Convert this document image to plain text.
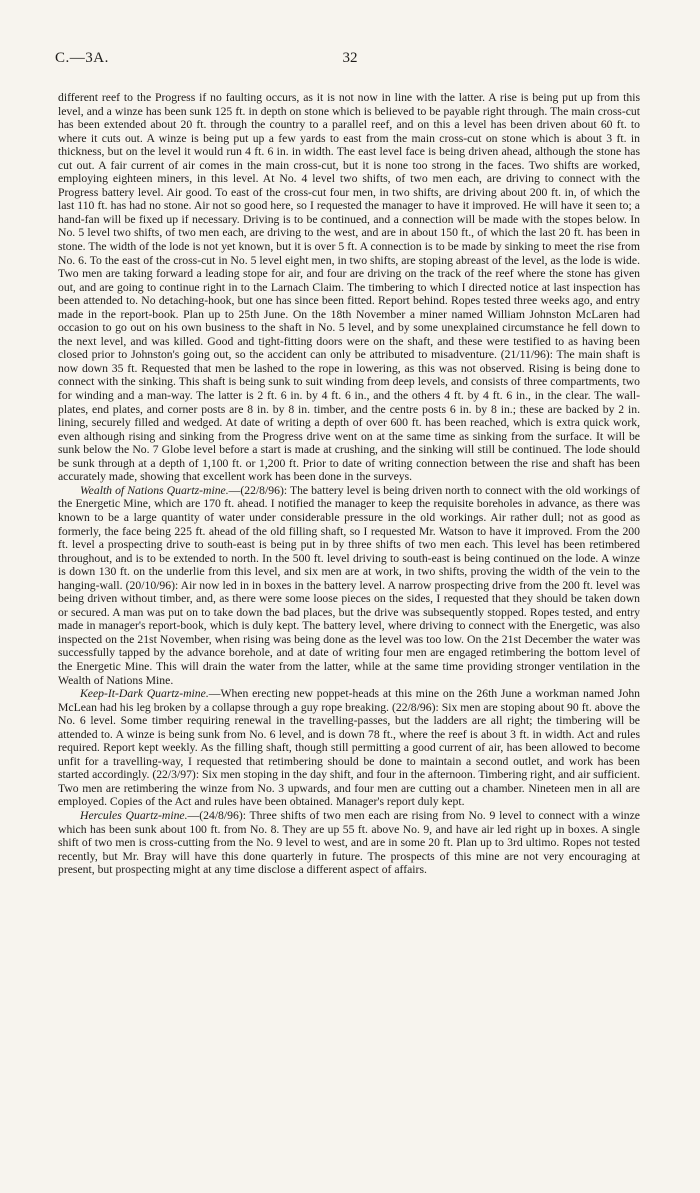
C.—3A.	32

different reef to the Progress if no faulting occurs, as it is not now in line with the latter. A rise is being put up from this level, and a winze has been sunk 125 ft. in depth on stone which is believed to be payable right through. The main cross-cut has been extended about 20 ft. through the country to a parallel reef, and on this a level has been driven about 60 ft. to where it cuts out. A winze is being put up a few yards to east from the main cross-cut on stone which is about 3 ft. in thickness, but on the level it would run 4 ft. 6 in. in width. The east level face is being driven ahead, although the stone has cut out. A fair current of air comes in the main cross-cut, but it is none too strong in the faces. Two shifts are worked, employing eighteen miners, in this level. At No. 4 level two shifts, of two men each, are driving to connect with the Progress battery level. Air good. To east of the cross-cut four men, in two shifts, are driving about 200 ft. in, of which the last 110 ft. has had no stone. Air not so good here, so I requested the manager to have it improved. He will have it seen to; a hand-fan will be fixed up if necessary. Driving is to be continued, and a connection will be made with the stopes below. In No. 5 level two shifts, of two men each, are driving to the west, and are in about 150 ft., of which the last 20 ft. has been in stone. The width of the lode is not yet known, but it is over 5 ft. A connection is to be made by sinking to meet the rise from No. 6. To the east of the cross-cut in No. 5 level eight men, in two shifts, are stoping abreast of the level, as the lode is wide. Two men are taking forward a leading stope for air, and four are driving on the track of the reef where the stone has given out, and are going to continue right in to the Larnach Claim. The timbering to which I directed notice at last inspection has been attended to. No detaching-hook, but one has since been fitted. Report behind. Ropes tested three weeks ago, and entry made in the report-book. Plan up to 25th June. On the 18th November a miner named William Johnston McLaren had occasion to go out on his own business to the shaft in No. 5 level, and by some unexplained circumstance he fell down to the next level, and was killed. Good and tight-fitting doors were on the shaft, and these were testified to as having been closed prior to Johnston's going out, so the accident can only be attributed to misadventure. (21/11/96): The main shaft is now down 35 ft. Requested that men be lashed to the rope in lowering, as this was not observed. Rising is being done to connect with the sinking. This shaft is being sunk to suit winding from deep levels, and consists of three compartments, two for winding and a man-way. The latter is 2 ft. 6 in. by 4 ft. 6 in., and the others 4 ft. by 4 ft. 6 in., in the clear. The wall-plates, end plates, and corner posts are 8 in. by 8 in. timber, and the centre posts 6 in. by 8 in.; these are backed by 2 in. lining, securely filled and wedged. At date of writing a depth of over 600 ft. has been reached, which is extra quick work, even although rising and sinking from the Progress drive went on at the same time as sinking from the surface. It will be sunk below the No. 7 Globe level before a start is made at crushing, and the sinking will still be continued. The lode should be sunk through at a depth of 1,100 ft. or 1,200 ft. Prior to date of writing connection between the rise and shaft has been accurately made, showing that excellent work has been done in the surveys.

Wealth of Nations Quartz-mine.—(22/8/96): The battery level is being driven north to connect with the old workings of the Energetic Mine, which are 170 ft. ahead. I notified the manager to keep the requisite boreholes in advance, as there was known to be a large quantity of water under considerable pressure in the old workings. Air rather dull; not as good as formerly, the face being 225 ft. ahead of the old filling shaft, so I requested Mr. Watson to have it improved. From the 200 ft. level a prospecting drive to south-east is being put in by three shifts of two men each. This level has been retimbered throughout, and is to be extended to north. In the 500 ft. level driving to south-east is being continued on the lode. A winze is down 130 ft. on the underlie from this level, and six men are at work, in two shifts, proving the width of the vein to the hanging-wall. (20/10/96): Air now led in in boxes in the battery level. A narrow prospecting drive from the 200 ft. level was being driven without timber, and, as there were some loose pieces on the sides, I requested that they should be taken down or secured. A man was put on to take down the bad places, but the drive was subsequently stopped. Ropes tested, and entry made in manager's report-book, which is duly kept. The battery level, where driving to connect with the Energetic, was also inspected on the 21st November, when rising was being done as the level was too low. On the 21st December the water was successfully tapped by the advance borehole, and at date of writing four men are engaged retimbering the bottom level of the Energetic Mine. This will drain the water from the latter, while at the same time providing stronger ventilation in the Wealth of Nations Mine.

Keep-It-Dark Quartz-mine.—When erecting new poppet-heads at this mine on the 26th June a workman named John McLean had his leg broken by a collapse through a guy rope breaking. (22/8/96): Six men are stoping about 90 ft. above the No. 6 level. Some timber requiring renewal in the travelling-passes, but the ladders are all right; the timbering will be attended to. A winze is being sunk from No. 6 level, and is down 78 ft., where the reef is about 3 ft. in width. Act and rules required. Report kept weekly. As the filling shaft, though still permitting a good current of air, has been allowed to become unfit for a travelling-way, I requested that retimbering should be done to maintain a second outlet, and work has been started accordingly. (22/3/97): Six men stoping in the day shift, and four in the afternoon. Timbering right, and air sufficient. Two men are retimbering the winze from No. 3 upwards, and four men are cutting out a chamber. Nineteen men in all are employed. Copies of the Act and rules have been obtained. Manager's report duly kept.

Hercules Quartz-mine.—(24/8/96): Three shifts of two men each are rising from No. 9 level to connect with a winze which has been sunk about 100 ft. from No. 8. They are up 55 ft. above No. 9, and have air led right up in boxes. A single shift of two men is cross-cutting from the No. 9 level to west, and are in some 20 ft. Plan up to 3rd ultimo. Ropes not tested recently, but Mr. Bray will have this done quarterly in future. The prospects of this mine are not very encouraging at present, but prospecting might at any time disclose a different aspect of affairs.
